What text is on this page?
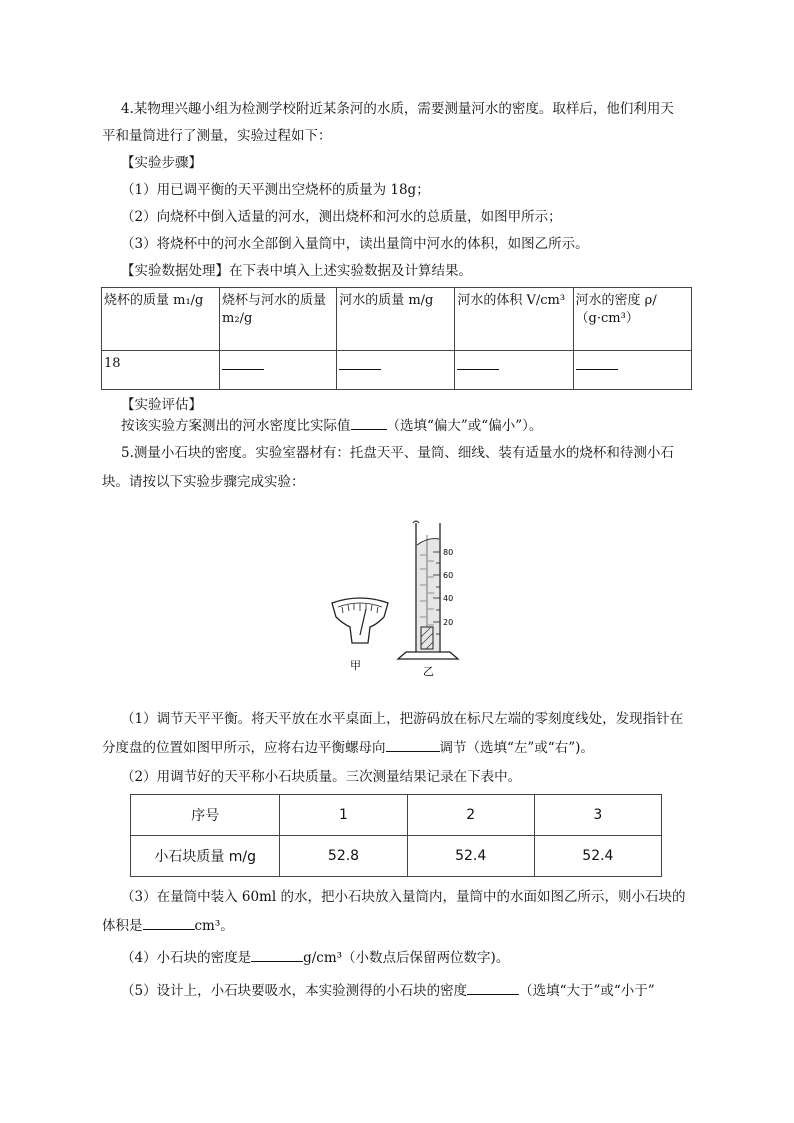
4.某物理兴趣小组为检测学校附近某条河的水质，需要测量河水的密度。取样后，他们利用天
平和量筒进行了测量，实验过程如下：
【实验步骤】
（1）用已调平衡的天平测出空烧杯的质量为 18g；
（2）向烧杯中倒入适量的河水，测出烧杯和河水的总质量，如图甲所示；
（3）将烧杯中的河水全部倒入量筒中，读出量筒中河水的体积，如图乙所示。
【实验数据处理】在下表中填入上述实验数据及计算结果。
烧杯的质量 m₁/g	烧杯与河水的质量 m₂/g	河水的质量 m/g	河水的体积 V/cm³	河水的密度 ρ/（g·cm³）
18				
【实验评估】
按该实验方案测出的河水密度比实际值	（选填“偏大”或“偏小”）。
5.测量小石块的密度。实验室器材有：托盘天平、量筒、细线、装有适量水的烧杯和待测小石
块。请按以下实验步骤完成实验：
80
60
40
20
甲	乙
（1）调节天平平衡。将天平放在水平桌面上，把游码放在标尺左端的零刻度线处，发现指针在
分度盘的位置如图甲所示，应将右边平衡螺母向	调节（选填“左”或“右”)。
（2）用调节好的天平称小石块质量。三次测量结果记录在下表中。
序号	1	2	3
小石块质量 m/g	52.8	52.4	52.4
（3）在量筒中装入 60ml 的水，把小石块放入量筒内，量筒中的水面如图乙所示，则小石块的
体积是	cm³。
（4）小石块的密度是	g/cm³（小数点后保留两位数字)。
（5）设计上，小石块要吸水，本实验测得的小石块的密度	（选填“大于”或“小于”
